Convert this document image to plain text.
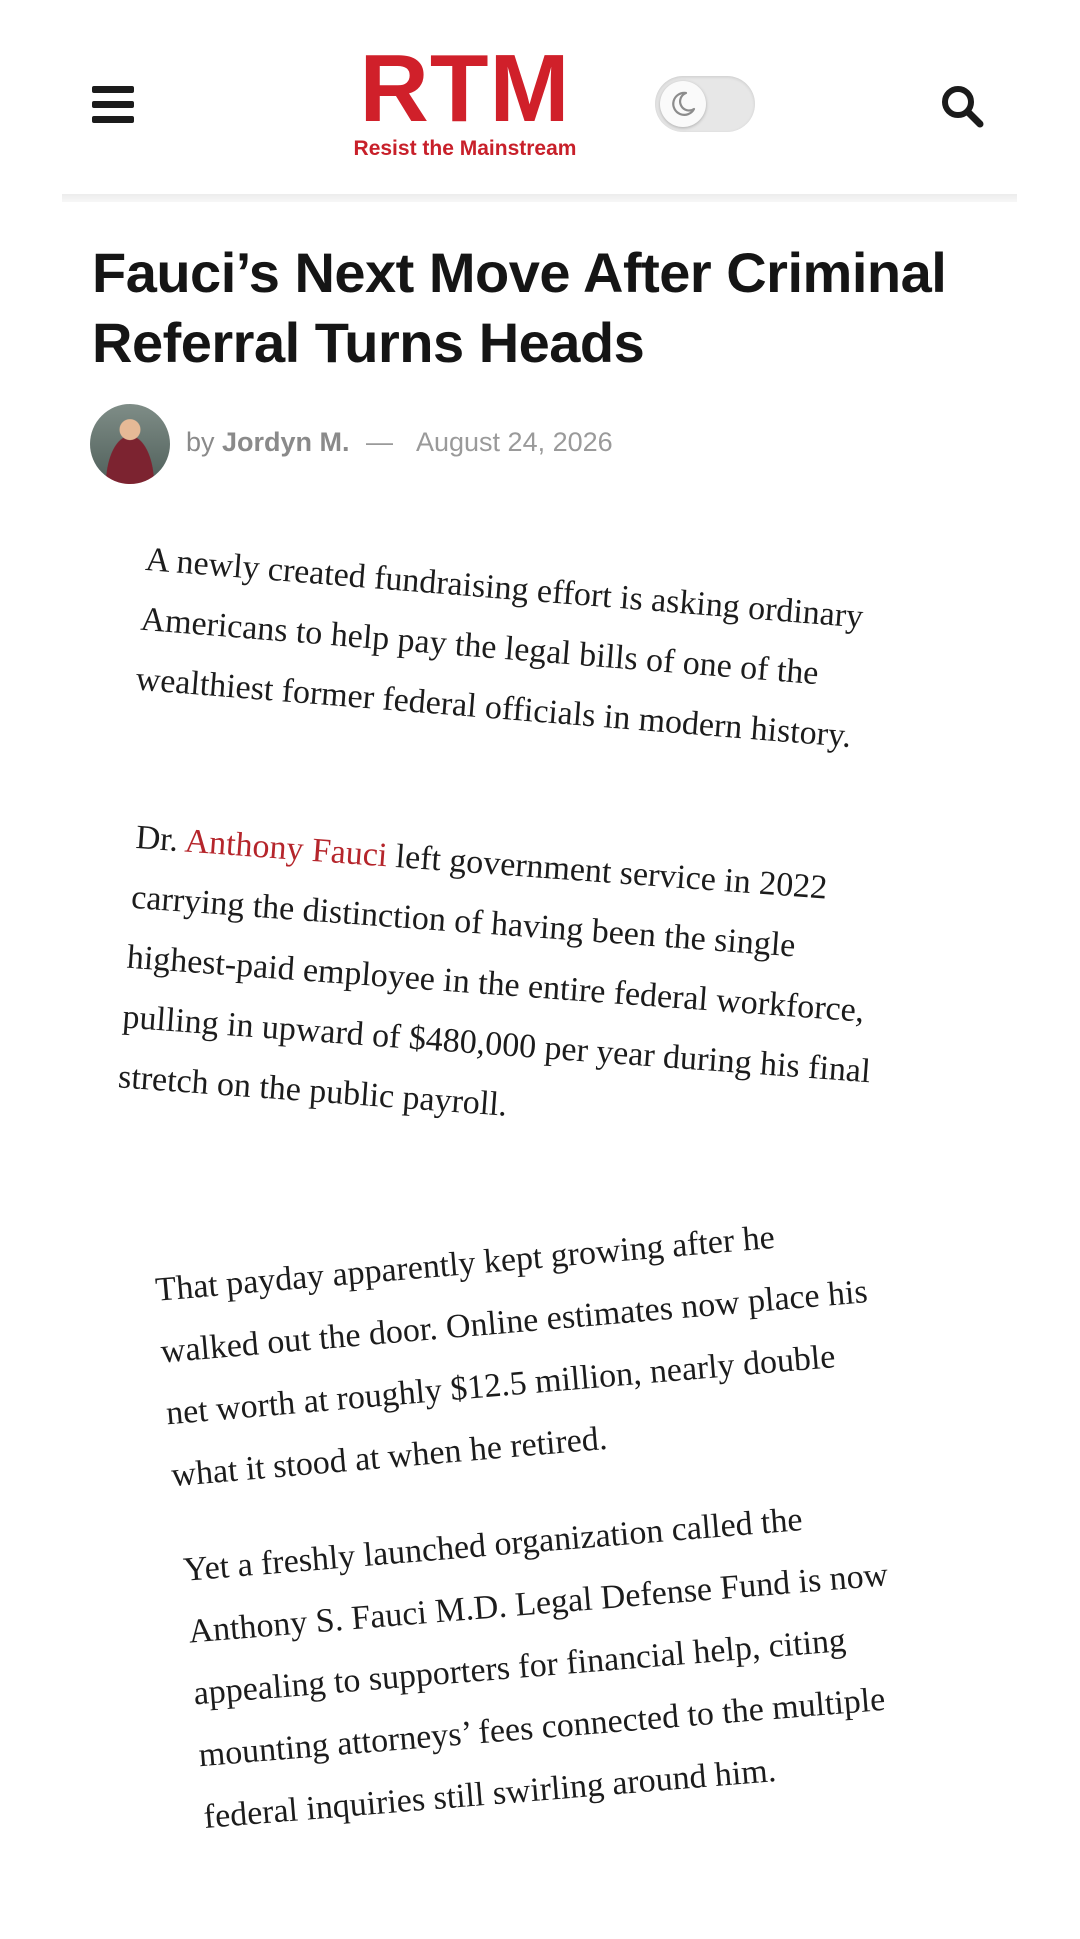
RTM
Resist the Mainstream
Fauci’s Next Move After Criminal Referral Turns Heads
by Jordyn M. — August 24, 2026

A newly created fundraising effort is asking ordinary Americans to help pay the legal bills of one of the wealthiest former federal officials in modern history.

Dr. Anthony Fauci left government service in 2022 carrying the distinction of having been the single highest-paid employee in the entire federal workforce, pulling in upward of $480,000 per year during his final stretch on the public payroll.

That payday apparently kept growing after he walked out the door. Online estimates now place his net worth at roughly $12.5 million, nearly double what it stood at when he retired.

Yet a freshly launched organization called the Anthony S. Fauci M.D. Legal Defense Fund is now appealing to supporters for financial help, citing mounting attorneys’ fees connected to the multiple federal inquiries still swirling around him.
